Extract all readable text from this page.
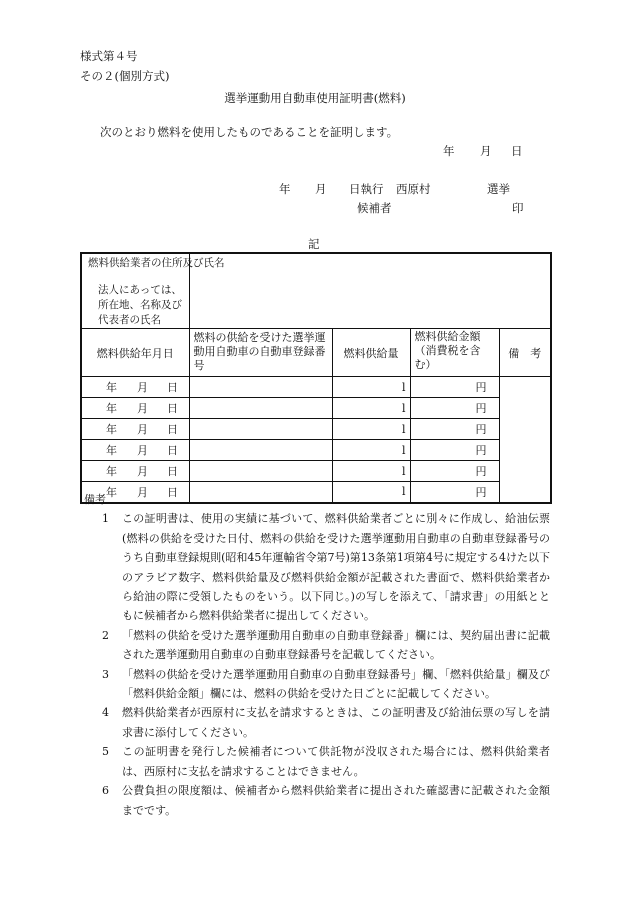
様式第４号
その２(個別方式)
選挙運動用自動車使用証明書(燃料)
次のとおり燃料を使用したものであることを証明します。
年 月 日
年 月 日執行 西原村	選挙
候補者	印
記
燃料供給業者の住所及び氏名
法人にあっては、所在地、名称及び代表者の氏名				

燃料供給年月日	燃料の供給を受けた選挙運動用自動車の自動車登録番号	燃料供給量	燃料供給金額（消費税を含む）	備　考
年 月 日		l	円	
年 月 日		l	円	
年 月 日		l	円	
年 月 日		l	円	
年 月 日		l	円	
年 月 日		l	円	
備考
1	この証明書は、使用の実績に基づいて、燃料供給業者ごとに別々に作成し、給油伝票(燃料の供給を受けた日付、燃料の供給を受けた選挙運動用自動車の自動車登録番号のうち自動車登録規則(昭和45年運輸省令第7号)第13条第1項第4号に規定する4けた以下のアラビア数字、燃料供給量及び燃料供給金額が記載された書面で、燃料供給業者から給油の際に受領したものをいう。以下同じ。)の写しを添えて、「請求書」の用紙とともに候補者から燃料供給業者に提出してください。
2	「燃料の供給を受けた選挙運動用自動車の自動車登録番」欄には、契約届出書に記載された選挙運動用自動車の自動車登録番号を記載してください。
3	「燃料の供給を受けた選挙運動用自動車の自動車登録番号」欄、「燃料供給量」欄及び「燃料供給金額」欄には、燃料の供給を受けた日ごとに記載してください。
4	燃料供給業者が西原村に支払を請求するときは、この証明書及び給油伝票の写しを請求書に添付してください。
5	この証明書を発行した候補者について供託物が没収された場合には、燃料供給業者は、西原村に支払を請求することはできません。
6	公費負担の限度額は、候補者から燃料供給業者に提出された確認書に記載された金額までです。
